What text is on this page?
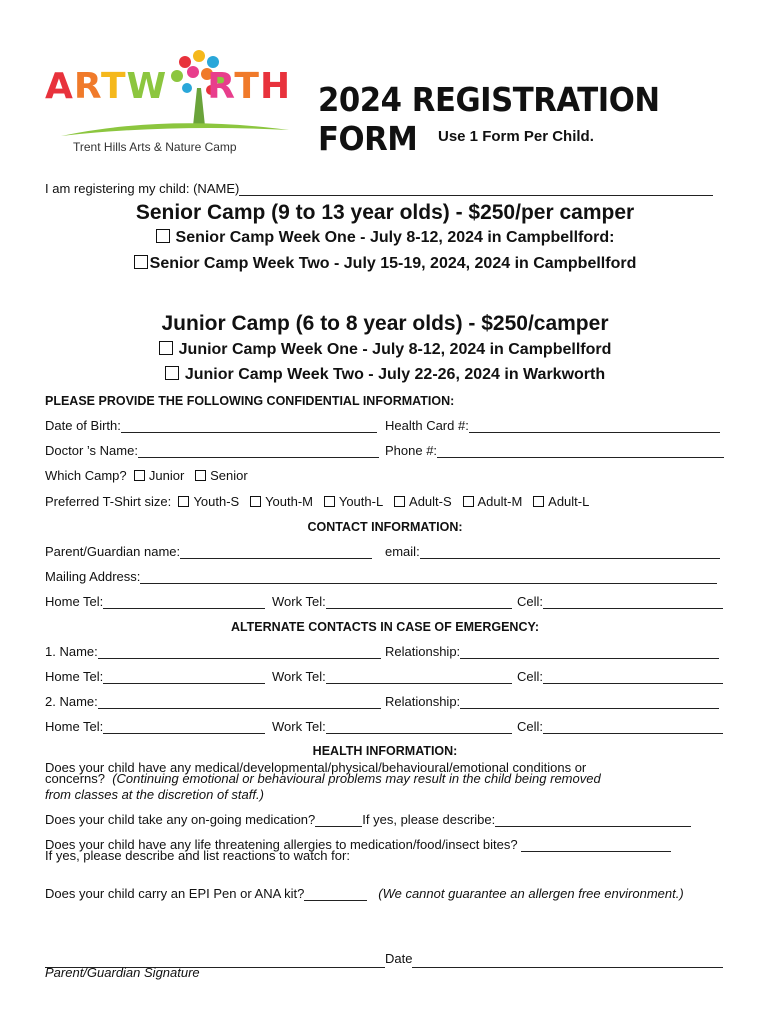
ARTW RTH
Trent Hills Arts & Nature Camp
2024 REGISTRATION FORM	Use 1 Form Per Child.
I am registering my child: (NAME)
Senior Camp (9 to 13 year olds) - $250/per camper
Senior Camp Week One - July 8-12, 2024 in Campbellford:
Senior Camp Week Two - July 15-19, 2024, 2024 in Campbellford
Junior Camp (6 to 8 year olds) - $250/camper
Junior Camp Week One - July 8-12, 2024 in Campbellford
Junior Camp Week Two - July 22-26, 2024 in Warkworth
PLEASE PROVIDE THE FOLLOWING CONFIDENTIAL INFORMATION:
Date of Birth:	Health Card #:
Doctor ’s Name:	Phone #:
Which Camp? Junior Senior
Preferred T-Shirt size: Youth-S Youth-M Youth-L Adult-S Adult-M Adult-L
CONTACT INFORMATION:
Parent/Guardian name:	email:
Mailing Address:
Home Tel:	Work Tel:	Cell:
ALTERNATE CONTACTS IN CASE OF EMERGENCY:
1. Name:	Relationship:
Home Tel:	Work Tel:	Cell:
2. Name:	Relationship:
Home Tel:	Work Tel:	Cell:
HEALTH INFORMATION:
Does your child have any medical/developmental/physical/behavioural/emotional conditions or
concerns? (Continuing emotional or behavioural problems may result in the child being removed
from classes at the discretion of staff.)
Does your child take any on-going medication?	If yes, please describe:
Does your child have any life threatening allergies to medication/food/insect bites?
If yes, please describe and list reactions to watch for:
Does your child carry an EPI Pen or ANA kit?	(We cannot guarantee an allergen free environment.)
Date
Parent/Guardian Signature
